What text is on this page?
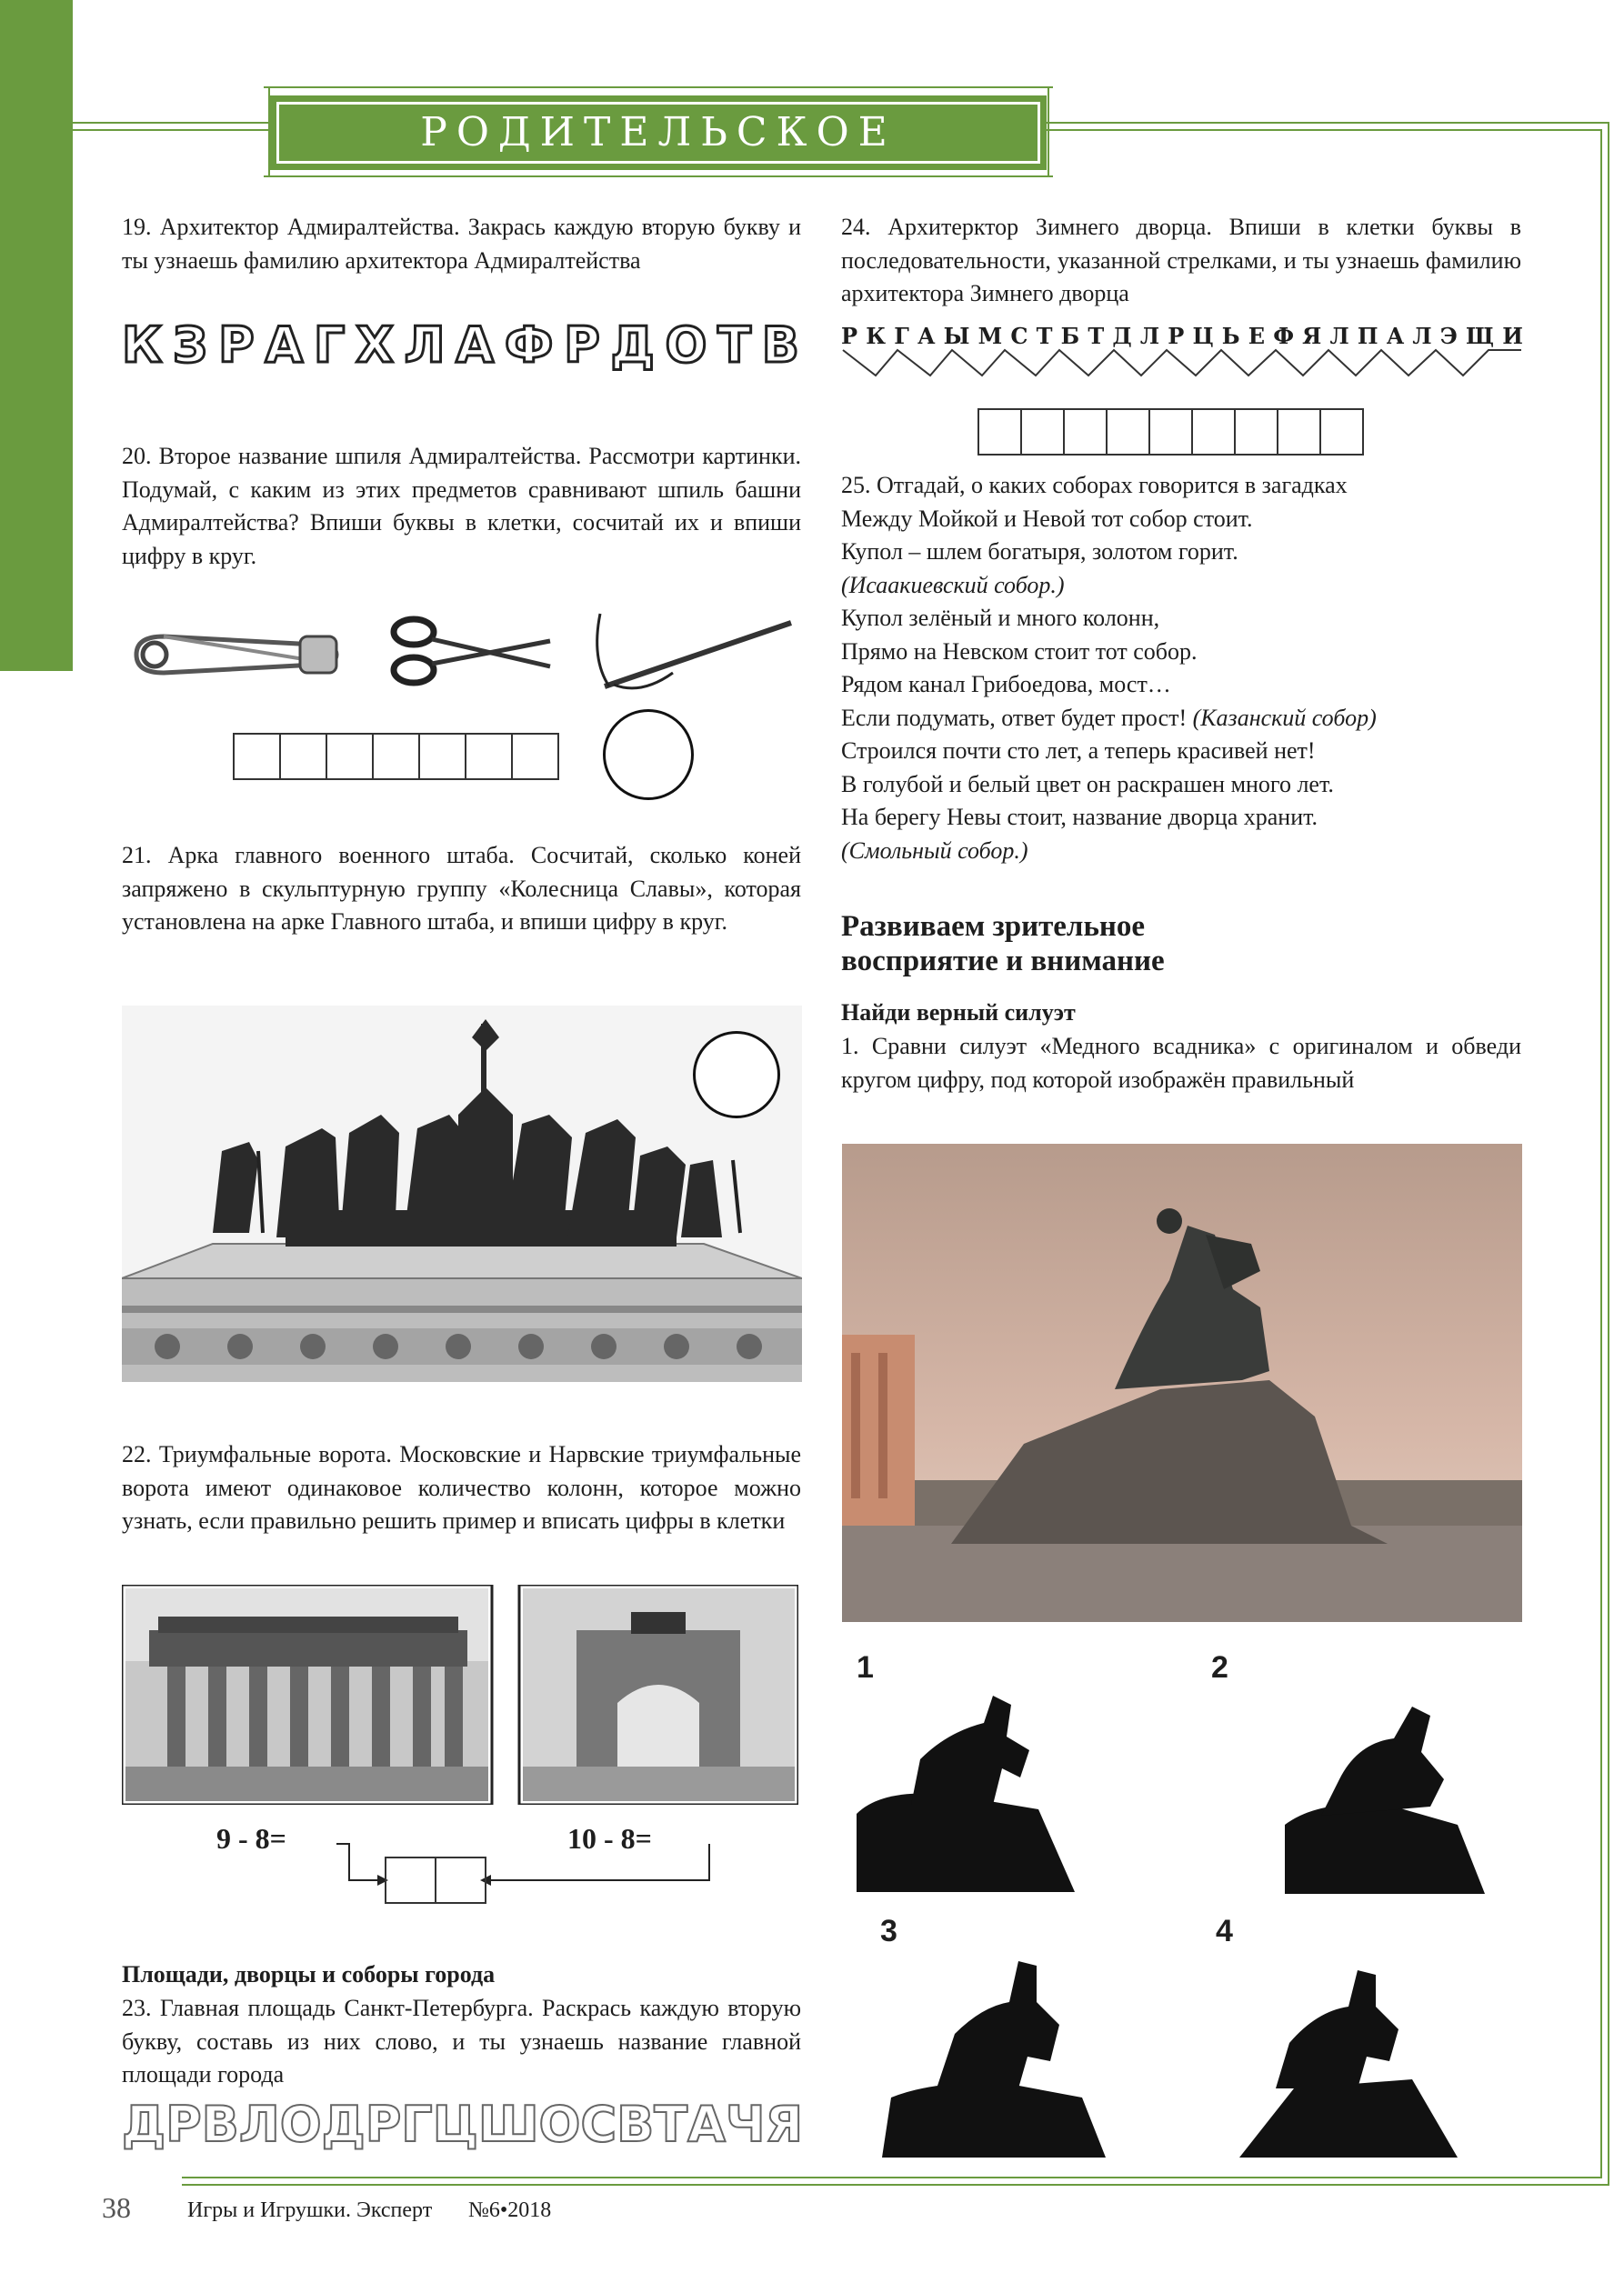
РОДИТЕЛЬСКОЕ СОБРАНИЕ
19. Архитектор Адмиралтейства. Закрась каждую вторую букву и ты узнаешь фамилию архитектора Адмиралтейства
К З Р А Г Х Л А Ф Р Д О Т В
20. Второе название шпиля Адмиралтейства. Рассмотри картинки. Подумай, с каким из этих предметов сравнивают шпиль башни Адмиралтейства? Впиши буквы в клетки, сосчитай их и впиши цифру в круг.
21. Арка главного военного штаба. Сосчитай, сколько коней запряжено в скульптурную группу «Колесница Славы», которая установлена на арке Главного штаба, и впиши цифру в круг.
22. Триумфальные ворота. Московские и Нарвские триумфальные ворота имеют одинаковое количество колонн, которое можно узнать, если правильно решить пример и вписать цифры в клетки
9 - 8=	10 - 8=
Площади, дворцы и соборы города
23. Главная площадь Санкт-Петербурга. Раскрась каждую вторую букву, составь из них слово, и ты узнаешь название главной площади города
Д Р В Л О Д Р Г Ц Ш О С В Т А Ч Я
24. Архитерктор Зимнего дворца. Впиши в клетки буквы в последовательности, указанной стрелками, и ты узнаешь фамилию архитектора Зимнего дворца
Р К Г А Ы М С Т Б Т Д Л Р Ц Ь Е Ф Я Л П А Л Э Щ И
25. Отгадай, о каких соборах говорится в загадках
Между Мойкой и Невой тот собор стоит.
Купол – шлем богатыря, золотом горит.
(Исаакиевский собор.)
Купол зелёный и много колонн,
Прямо на Невском стоит тот собор.
Рядом канал Грибоедова, мост…
Если подумать, ответ будет прост! (Казанский собор)
Строился почти сто лет, а теперь красивей нет!
В голубой и белый цвет он раскрашен много лет.
На берегу Невы стоит, название дворца хранит.
(Смольный собор.)
Развиваем зрительное восприятие и внимание
Найди верный силуэт
1. Сравни силуэт «Медного всадника» с оригиналом и обведи кругом цифру, под которой изображён правильный
1	2
3	4
38	Игры и Игрушки. Эксперт №6•2018
